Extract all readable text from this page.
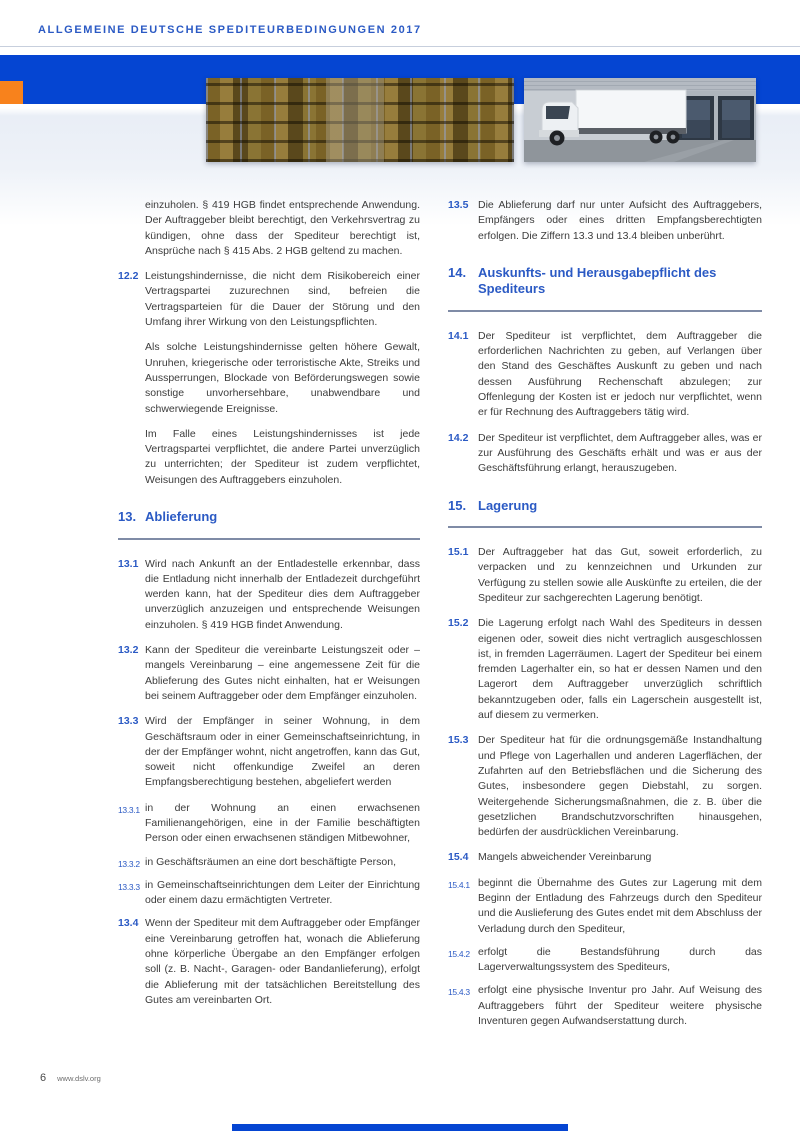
ALLGEMEINE DEUTSCHE SPEDITEURBEDINGUNGEN 2017
einzuholen. § 419 HGB findet entsprechende Anwendung. Der Auftraggeber bleibt berechtigt, den Verkehrsvertrag zu kündigen, ohne dass der Spediteur berechtigt ist, Ansprüche nach § 415 Abs. 2 HGB geltend zu machen.
12.2 Leistungshindernisse, die nicht dem Risikobereich einer Vertragspartei zuzurechnen sind, befreien die Vertragsparteien für die Dauer der Störung und den Umfang ihrer Wirkung von den Leistungspflichten.
Als solche Leistungshindernisse gelten höhere Gewalt, Unruhen, kriegerische oder terroristische Akte, Streiks und Aussperrungen, Blockade von Beförderungswegen sowie sonstige unvorhersehbare, unabwendbare und schwerwiegende Ereignisse.
Im Falle eines Leistungshindernisses ist jede Vertragspartei verpflichtet, die andere Partei unverzüglich zu unterrichten; der Spediteur ist zudem verpflichtet, Weisungen des Auftraggebers einzuholen.
13. Ablieferung
13.1 Wird nach Ankunft an der Entladestelle erkennbar, dass die Entladung nicht innerhalb der Entladezeit durchgeführt werden kann, hat der Spediteur dies dem Auftraggeber unverzüglich anzuzeigen und entsprechende Weisungen einzuholen. § 419 HGB findet Anwendung.
13.2 Kann der Spediteur die vereinbarte Leistungszeit oder – mangels Vereinbarung – eine angemessene Zeit für die Ablieferung des Gutes nicht einhalten, hat er Weisungen bei seinem Auftraggeber oder dem Empfänger einzuholen.
13.3 Wird der Empfänger in seiner Wohnung, in dem Geschäftsraum oder in einer Gemeinschaftseinrichtung, in der der Empfänger wohnt, nicht angetroffen, kann das Gut, soweit nicht offenkundige Zweifel an deren Empfangsberechtigung bestehen, abgeliefert werden
13.3.1 in der Wohnung an einen erwachsenen Familienangehörigen, eine in der Familie beschäftigten Person oder einen erwachsenen ständigen Mitbewohner,
13.3.2 in Geschäftsräumen an eine dort beschäftigte Person,
13.3.3 in Gemeinschaftseinrichtungen dem Leiter der Einrichtung oder einem dazu ermächtigten Vertreter.
13.4 Wenn der Spediteur mit dem Auftraggeber oder Empfänger eine Vereinbarung getroffen hat, wonach die Ablieferung ohne körperliche Übergabe an den Empfänger erfolgen soll (z. B. Nacht-, Garagen- oder Bandanlieferung), erfolgt die Ablieferung mit der tatsächlichen Bereitstellung des Gutes am vereinbarten Ort.
13.5 Die Ablieferung darf nur unter Aufsicht des Auftraggebers, Empfängers oder eines dritten Empfangsberechtigten erfolgen. Die Ziffern 13.3 und 13.4 bleiben unberührt.
14. Auskunfts- und Herausgabepflicht des Spediteurs
14.1 Der Spediteur ist verpflichtet, dem Auftraggeber die erforderlichen Nachrichten zu geben, auf Verlangen über den Stand des Geschäftes Auskunft zu geben und nach dessen Ausführung Rechenschaft abzulegen; zur Offenlegung der Kosten ist er jedoch nur verpflichtet, wenn er für Rechnung des Auftraggebers tätig wird.
14.2 Der Spediteur ist verpflichtet, dem Auftraggeber alles, was er zur Ausführung des Geschäfts erhält und was er aus der Geschäftsführung erlangt, herauszugeben.
15. Lagerung
15.1 Der Auftraggeber hat das Gut, soweit erforderlich, zu verpacken und zu kennzeichnen und Urkunden zur Verfügung zu stellen sowie alle Auskünfte zu erteilen, die der Spediteur zur sachgerechten Lagerung benötigt.
15.2 Die Lagerung erfolgt nach Wahl des Spediteurs in dessen eigenen oder, soweit dies nicht vertraglich ausgeschlossen ist, in fremden Lagerräumen. Lagert der Spediteur bei einem fremden Lagerhalter ein, so hat er dessen Namen und den Lagerort dem Auftraggeber unverzüglich schriftlich bekanntzugeben oder, falls ein Lagerschein ausgestellt ist, auf diesem zu vermerken.
15.3 Der Spediteur hat für die ordnungsgemäße Instandhaltung und Pflege von Lagerhallen und anderen Lagerflächen, der Zufahrten auf den Betriebsflächen und die Sicherung des Gutes, insbesondere gegen Diebstahl, zu sorgen. Weitergehende Sicherungsmaßnahmen, die z. B. über die gesetzlichen Brandschutzvorschriften hinausgehen, bedürfen der ausdrücklichen Vereinbarung.
15.4 Mangels abweichender Vereinbarung
15.4.1 beginnt die Übernahme des Gutes zur Lagerung mit dem Beginn der Entladung des Fahrzeugs durch den Spediteur und die Auslieferung des Gutes endet mit dem Abschluss der Verladung durch den Spediteur,
15.4.2 erfolgt die Bestandsführung durch das Lagerverwaltungssystem des Spediteurs,
15.4.3 erfolgt eine physische Inventur pro Jahr. Auf Weisung des Auftraggebers führt der Spediteur weitere physische Inventuren gegen Aufwandserstattung durch.
6 www.dslv.org
